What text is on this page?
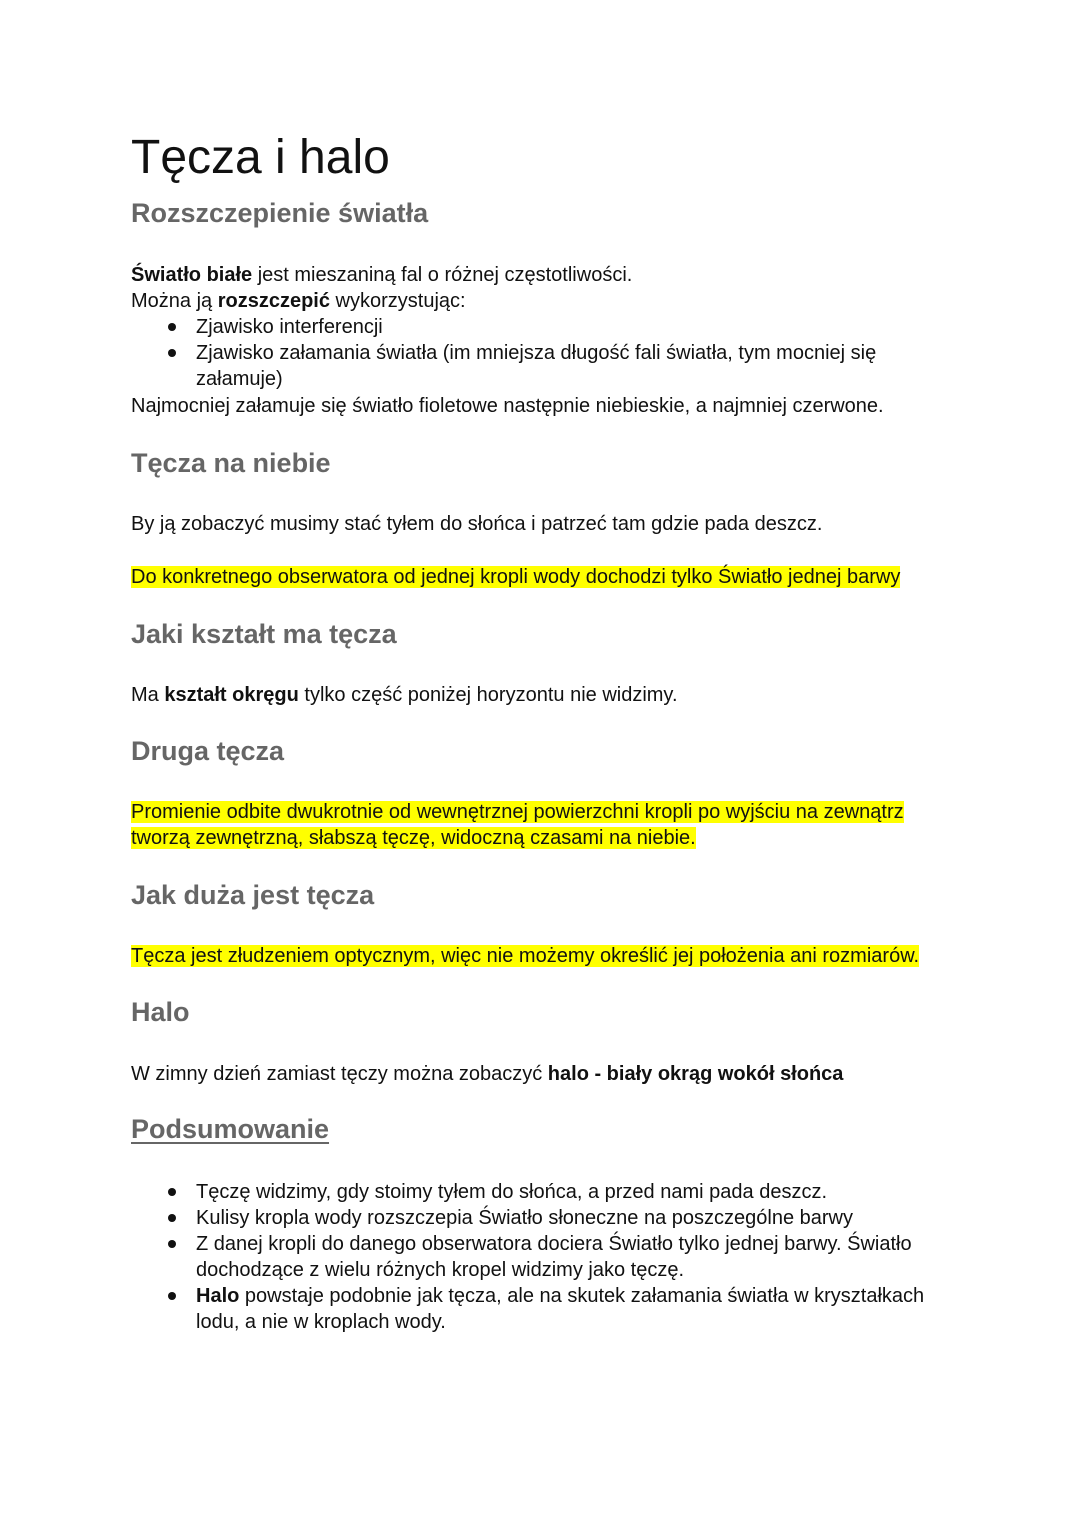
Tęcza i halo
Rozszczepienie światła

Światło białe jest mieszaniną fal o różnej częstotliwości.

Można ją rozszczepić wykorzystując:

Zjawisko interferencji
Zjawisko załamania światła (im mniejsza długość fali światła, tym mocniej się załamuje)

Najmocniej załamuje się światło fioletowe następnie niebieskie, a najmniej czerwone.

Tęcza na niebie

By ją zobaczyć musimy stać tyłem do słońca i patrzeć tam gdzie pada deszcz.

Do konkretnego obserwatora od jednej kropli wody dochodzi tylko Światło jednej barwy

Jaki kształt ma tęcza

Ma kształt okręgu tylko część poniżej horyzontu nie widzimy.

Druga tęcza

Promienie odbite dwukrotnie od wewnętrznej powierzchni kropli po wyjściu na zewnątrz

tworzą zewnętrzną, słabszą tęczę, widoczną czasami na niebie.

Jak duża jest tęcza

Tęcza jest złudzeniem optycznym, więc nie możemy określić jej położenia ani rozmiarów.

Halo

W zimny dzień zamiast tęczy można zobaczyć halo - biały okrąg wokół słońca

Podsumowanie
Tęczę widzimy, gdy stoimy tyłem do słońca, a przed nami pada deszcz.
Kulisy kropla wody rozszczepia Światło słoneczne na poszczególne barwy
Z danej kropli do danego obserwatora dociera Światło tylko jednej barwy. Światło dochodzące z wielu różnych kropel widzimy jako tęczę.
Halo powstaje podobnie jak tęcza, ale na skutek załamania światła w kryształkach lodu, a nie w kroplach wody.
